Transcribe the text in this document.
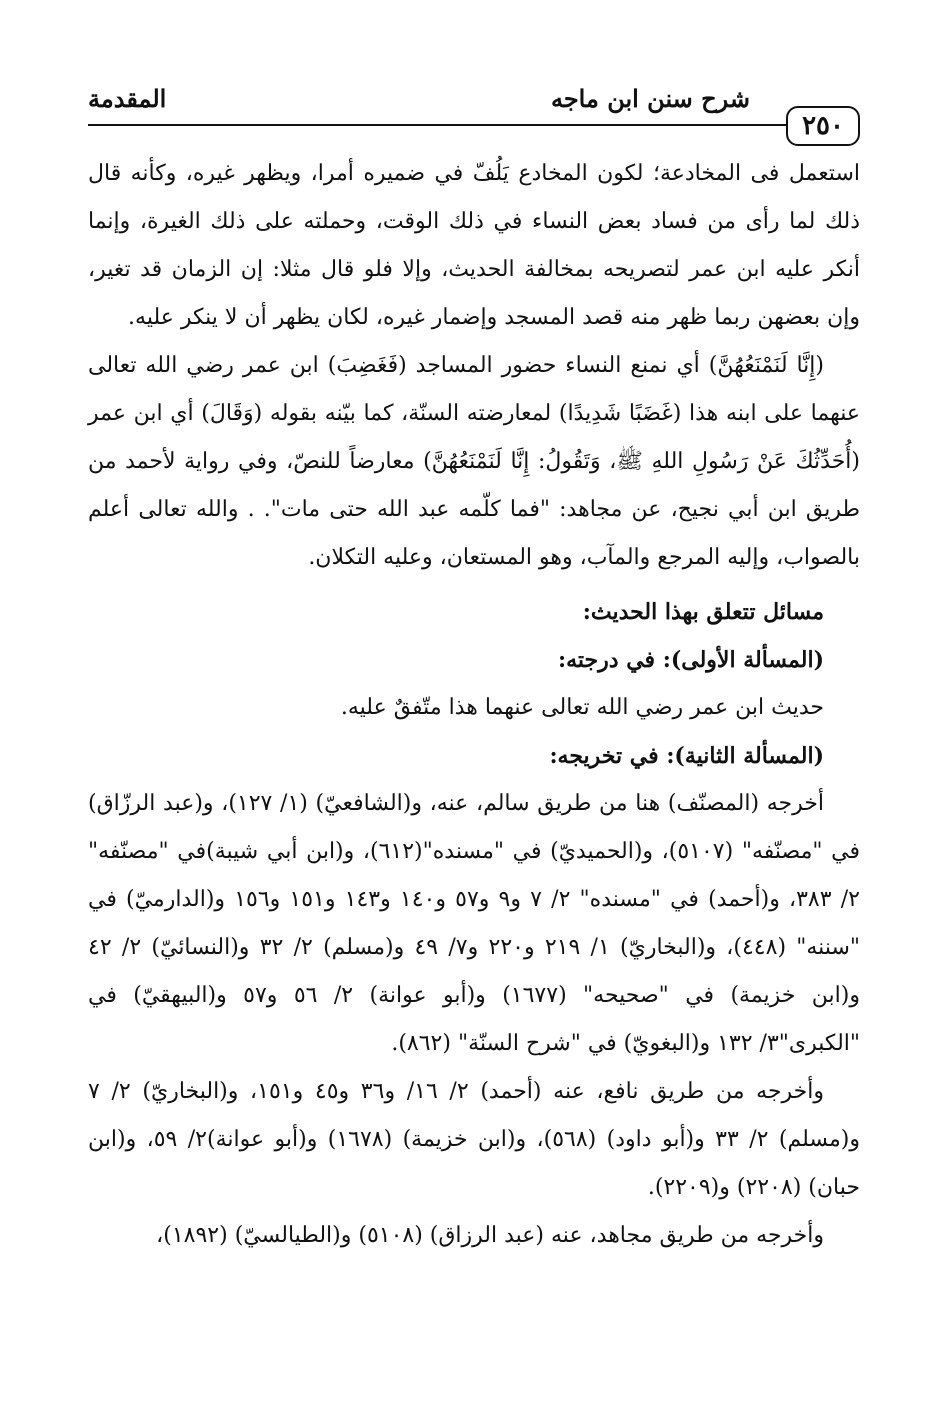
٢٥٠
شرح سنن ابن ماجه
المقدمة

استعمل فى المخادعة؛ لكون المخادع يَلُفّ في ضميره أمرا، ويظهر غيره، وكأنه قال ذلك لما رأى من فساد بعض النساء في ذلك الوقت، وحملته على ذلك الغيرة، وإنما أنكر عليه ابن عمر لتصريحه بمخالفة الحديث، وإلا فلو قال مثلا: إن الزمان قد تغير، وإن بعضهن ربما ظهر منه قصد المسجد وإضمار غيره، لكان يظهر أن لا ينكر عليه.

(إِنَّا لَنَمْنَعُهُنَّ) أي نمنع النساء حضور المساجد (فَغَضِبَ) ابن عمر رضي الله تعالى عنهما على ابنه هذا (غَضَبًا شَدِيدًا) لمعارضته السنّة، كما بيّنه بقوله (وَقَالَ) أي ابن عمر (أُحَدِّثُكَ عَنْ رَسُولِ اللهِ ﷺ، وَتَقُولُ: إِنَّا لَنَمْنَعُهُنَّ) معارضاً للنصّ، وفي رواية لأحمد من طريق ابن أبي نجيح، عن مجاهد: "فما كلّمه عبد الله حتى مات". . والله تعالى أعلم بالصواب، وإليه المرجع والمآب، وهو المستعان، وعليه التكلان.

مسائل تتعلق بهذا الحديث:

(المسألة الأولى): في درجته:

حديث ابن عمر رضي الله تعالى عنهما هذا متّفقٌ عليه.

(المسألة الثانية): في تخريجه:

أخرجه (المصنّف) هنا من طريق سالم، عنه، و(الشافعيّ) (١/ ١٢٧)، و(عبد الرزّاق) في "مصنّفه" (٥١٠٧)، و(الحميديّ) في "مسنده"(٦١٢)، و(ابن أبي شيبة)في "مصنّفه" ٢/ ٣٨٣، و(أحمد) في "مسنده" ٢/ ٧ و٩ و٥٧ و١٤٠ و١٤٣ و١٥١ و١٥٦ و(الدارميّ) في "سننه" (٤٤٨)، و(البخاريّ) ١/ ٢١٩ و٢٢٠ و٧/ ٤٩ و(مسلم) ٢/ ٣٢ و(النسائيّ) ٢/ ٤٢ و(ابن خزيمة) في "صحيحه" (١٦٧٧) و(أبو عوانة) ٢/ ٥٦ و٥٧ و(البيهقيّ) في "الكبرى"٣/ ١٣٢ و(البغويّ) في "شرح السنّة" (٨٦٢).

وأخرجه من طريق نافع، عنه (أحمد) ٢/ ١٦/ و٣٦ و٤٥ و١٥١، و(البخاريّ) ٢/ ٧ و(مسلم) ٢/ ٣٣ و(أبو داود) (٥٦٨)، و(ابن خزيمة) (١٦٧٨) و(أبو عوانة)٢/ ٥٩، و(ابن حبان) (٢٢٠٨) و(٢٢٠٩).

وأخرجه من طريق مجاهد، عنه (عبد الرزاق) (٥١٠٨) و(الطيالسيّ) (١٨٩٢)،
